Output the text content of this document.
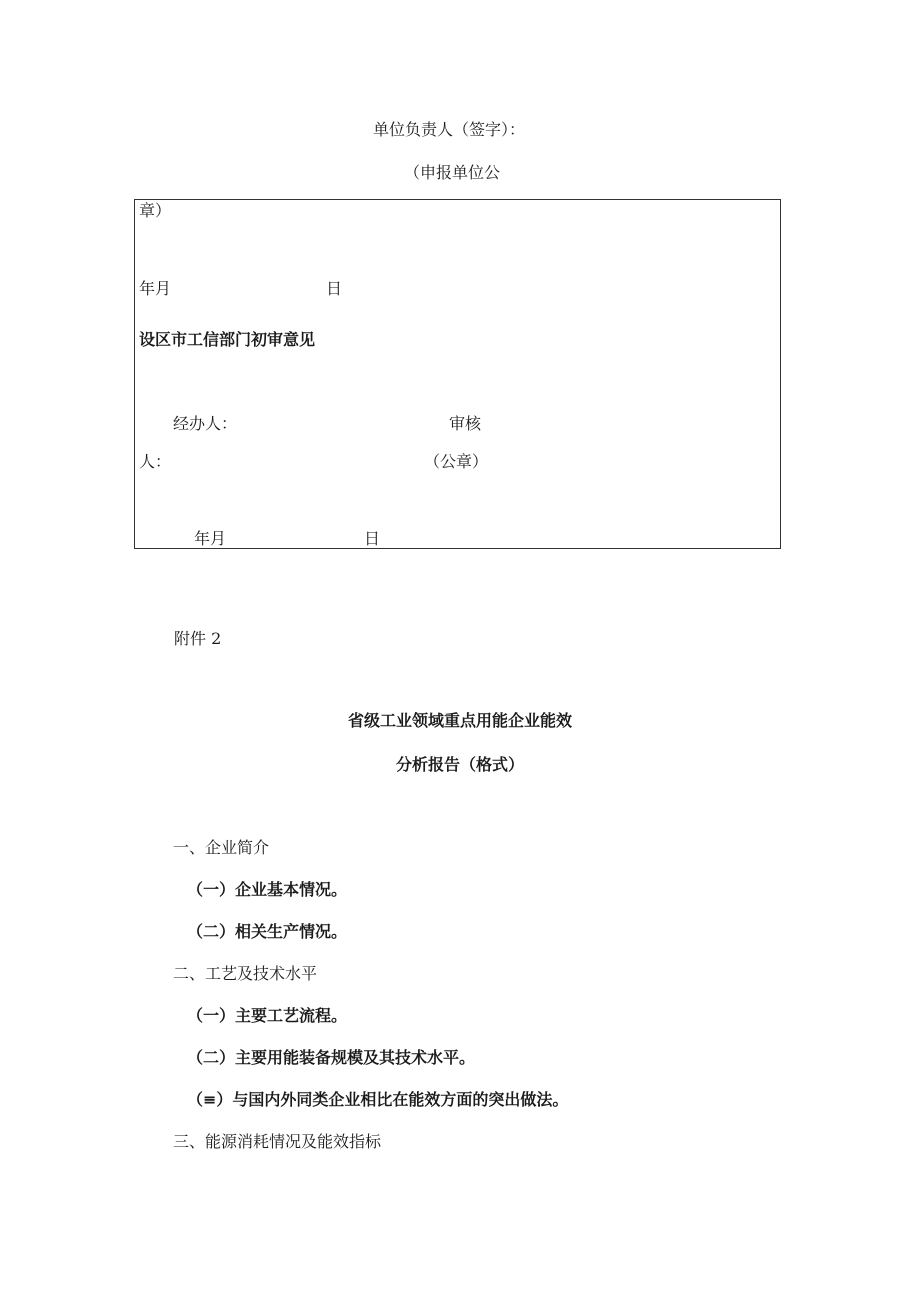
单位负责人（签字）：
（申报单位公
章）
年月	日
设区市工信部门初审意见
经办人：	审核
人：	（公章）
年月	日
附件 2
省级工业领域重点用能企业能效
分析报告（格式）
一、企业简介
（一）企业基本情况。
（二）相关生产情况。
二、工艺及技术水平
（一）主要工艺流程。
（二）主要用能装备规模及其技术水平。
（≡）与国内外同类企业相比在能效方面的突出做法。
三、能源消耗情况及能效指标
